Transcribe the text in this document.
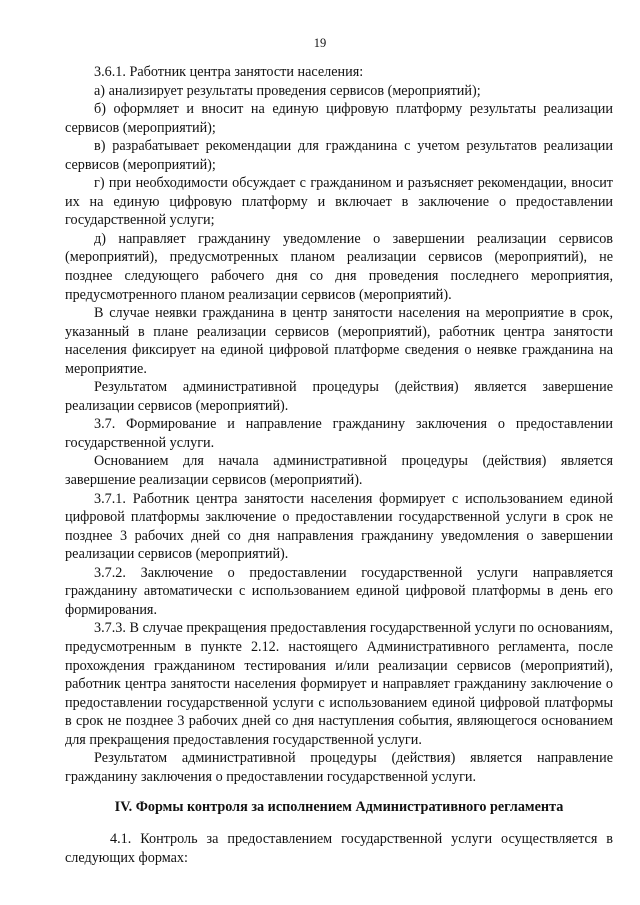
19

3.6.1. Работник центра занятости населения:

а) анализирует результаты проведения сервисов (мероприятий);

б) оформляет и вносит на единую цифровую платформу результаты реализации сервисов (мероприятий);

в) разрабатывает рекомендации для гражданина с учетом результатов реализации сервисов (мероприятий);

г) при необходимости обсуждает с гражданином и разъясняет рекомендации, вносит их на единую цифровую платформу и включает в заключение о предоставлении государственной услуги;

д) направляет гражданину уведомление о завершении реализации сервисов (мероприятий), предусмотренных планом реализации сервисов (мероприятий), не позднее следующего рабочего дня со дня проведения последнего мероприятия, предусмотренного планом реализации сервисов (мероприятий).

В случае неявки гражданина в центр занятости населения на мероприятие в срок, указанный в плане реализации сервисов (мероприятий), работник центра занятости населения фиксирует на единой цифровой платформе сведения о неявке гражданина на мероприятие.

Результатом административной процедуры (действия) является завершение реализации сервисов (мероприятий).

3.7. Формирование и направление гражданину заключения о предоставлении государственной услуги.

Основанием для начала административной процедуры (действия) является завершение реализации сервисов (мероприятий).

3.7.1. Работник центра занятости населения формирует с использованием единой цифровой платформы заключение о предоставлении государственной услуги в срок не позднее 3 рабочих дней со дня направления гражданину уведомления о завершении реализации сервисов (мероприятий).

3.7.2. Заключение о предоставлении государственной услуги направляется гражданину автоматически с использованием единой цифровой платформы в день его формирования.

3.7.3. В случае прекращения предоставления государственной услуги по основаниям, предусмотренным в пункте 2.12. настоящего Административного регламента, после прохождения гражданином тестирования и/или реализации сервисов (мероприятий), работник центра занятости населения формирует и направляет гражданину заключение о предоставлении государственной услуги с использованием единой цифровой платформы в срок не позднее 3 рабочих дней со дня наступления события, являющегося основанием для прекращения предоставления государственной услуги.

Результатом административной процедуры (действия) является направление гражданину заключения о предоставлении государственной услуги.

IV. Формы контроля за исполнением Административного регламента

4.1. Контроль за предоставлением государственной услуги осуществляется в следующих формах:
